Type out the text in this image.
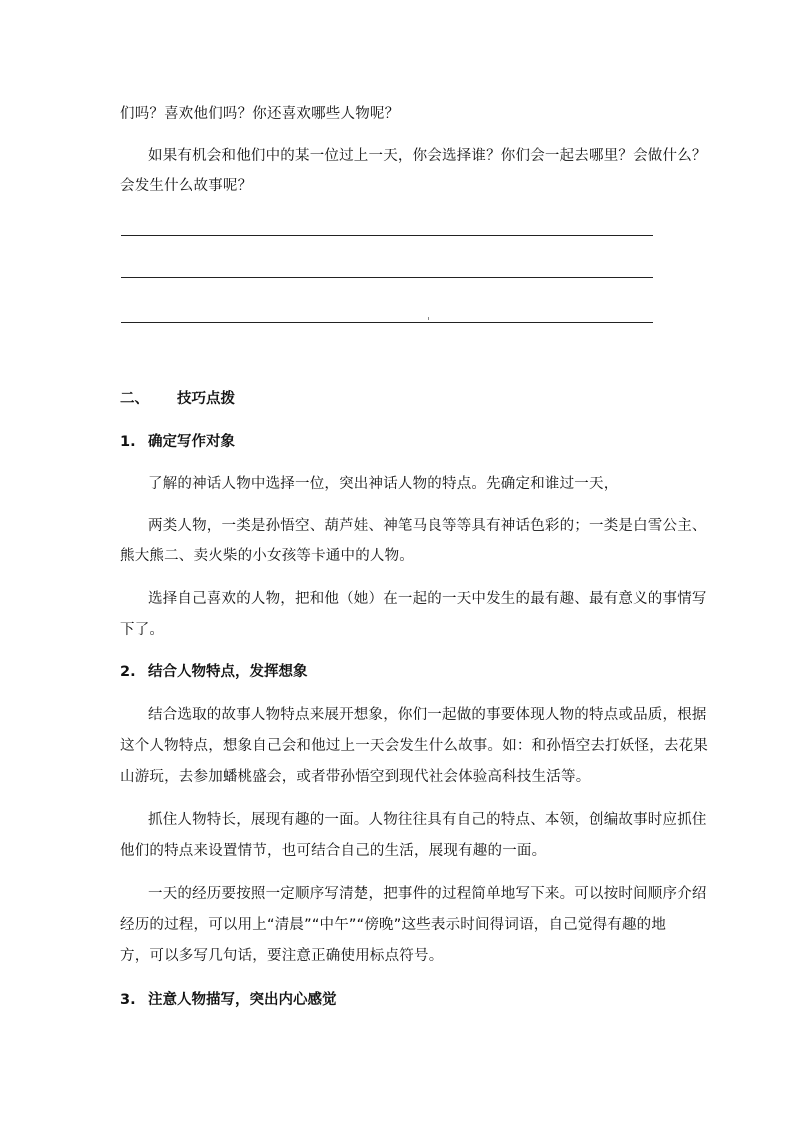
们吗？喜欢他们吗？你还喜欢哪些人物呢？
如果有机会和他们中的某一位过上一天，你会选择谁？你们会一起去哪里？会做什么？
会发生什么故事呢？
二、 技巧点拨
1. 确定写作对象
了解的神话人物中选择一位，突出神话人物的特点。先确定和谁过一天，
两类人物，一类是孙悟空、葫芦娃、神笔马良等等具有神话色彩的；一类是白雪公主、
熊大熊二、卖火柴的小女孩等卡通中的人物。
选择自己喜欢的人物，把和他（她）在一起的一天中发生的最有趣、最有意义的事情写
下了。
2. 结合人物特点，发挥想象
结合选取的故事人物特点来展开想象，你们一起做的事要体现人物的特点或品质，根据
这个人物特点，想象自己会和他过上一天会发生什么故事。如：和孙悟空去打妖怪，去花果
山游玩，去参加蟠桃盛会，或者带孙悟空到现代社会体验高科技生活等。
抓住人物特长，展现有趣的一面。人物往往具有自己的特点、本领，创编故事时应抓住
他们的特点来设置情节，也可结合自己的生活，展现有趣的一面。
一天的经历要按照一定顺序写清楚，把事件的过程简单地写下来。可以按时间顺序介绍
经历的过程，可以用上“清晨”“中午”“傍晚”这些表示时间得词语，自己觉得有趣的地
方，可以多写几句话，要注意正确使用标点符号。
3. 注意人物描写，突出内心感觉
